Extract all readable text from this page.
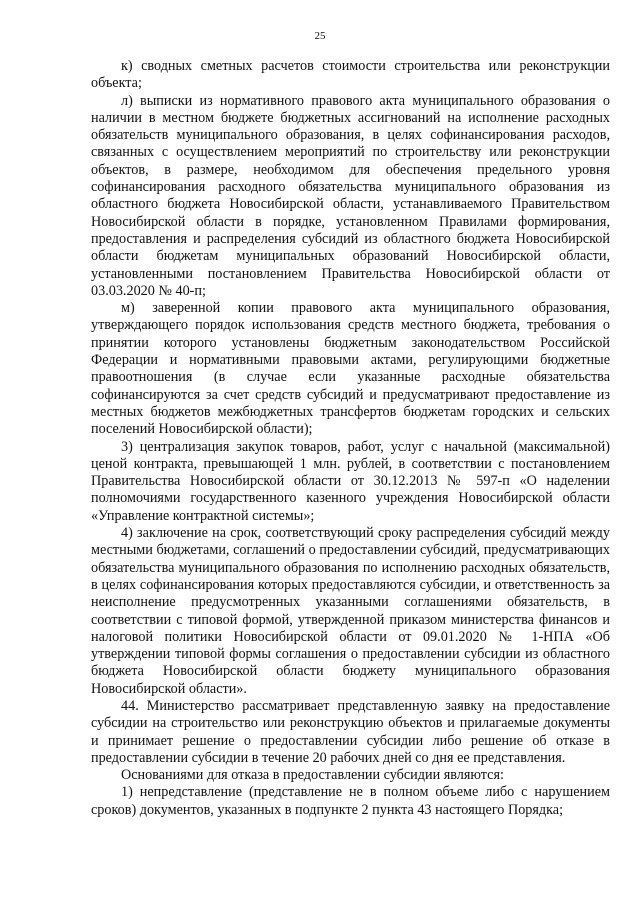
25

к) сводных сметных расчетов стоимости строительства или реконструкции объекта;

л) выписки из нормативного правового акта муниципального образования о наличии в местном бюджете бюджетных ассигнований на исполнение расходных обязательств муниципального образования, в целях софинансирования расходов, связанных с осуществлением мероприятий по строительству или реконструкции объектов, в размере, необходимом для обеспечения предельного уровня софинансирования расходного обязательства муниципального образования из областного бюджета Новосибирской области, устанавливаемого Правительством Новосибирской области в порядке, установленном Правилами формирования, предоставления и распределения субсидий из областного бюджета Новосибирской области бюджетам муниципальных образований Новосибирской области, установленными постановлением Правительства Новосибирской области от 03.03.2020 № 40-п;

м) заверенной копии правового акта муниципального образования, утверждающего порядок использования средств местного бюджета, требования о принятии которого установлены бюджетным законодательством Российской Федерации и нормативными правовыми актами, регулирующими бюджетные правоотношения (в случае если указанные расходные обязательства софинансируются за счет средств субсидий и предусматривают предоставление из местных бюджетов межбюджетных трансфертов бюджетам городских и сельских поселений Новосибирской области);

3) централизация закупок товаров, работ, услуг с начальной (максимальной) ценой контракта, превышающей 1 млн. рублей, в соответствии с постановлением Правительства Новосибирской области от 30.12.2013 № 597-п «О наделении полномочиями государственного казенного учреждения Новосибирской области «Управление контрактной системы»;

4) заключение на срок, соответствующий сроку распределения субсидий между местными бюджетами, соглашений о предоставлении субсидий, предусматривающих обязательства муниципального образования по исполнению расходных обязательств, в целях софинансирования которых предоставляются субсидии, и ответственность за неисполнение предусмотренных указанными соглашениями обязательств, в соответствии с типовой формой, утвержденной приказом министерства финансов и налоговой политики Новосибирской области от 09.01.2020 № 1-НПА «Об утверждении типовой формы соглашения о предоставлении субсидии из областного бюджета Новосибирской области бюджету муниципального образования Новосибирской области».

44. Министерство рассматривает представленную заявку на предоставление субсидии на строительство или реконструкцию объектов и прилагаемые документы и принимает решение о предоставлении субсидии либо решение об отказе в предоставлении субсидии в течение 20 рабочих дней со дня ее представления.

Основаниями для отказа в предоставлении субсидии являются:

1) непредставление (представление не в полном объеме либо с нарушением сроков) документов, указанных в подпункте 2 пункта 43 настоящего Порядка;
